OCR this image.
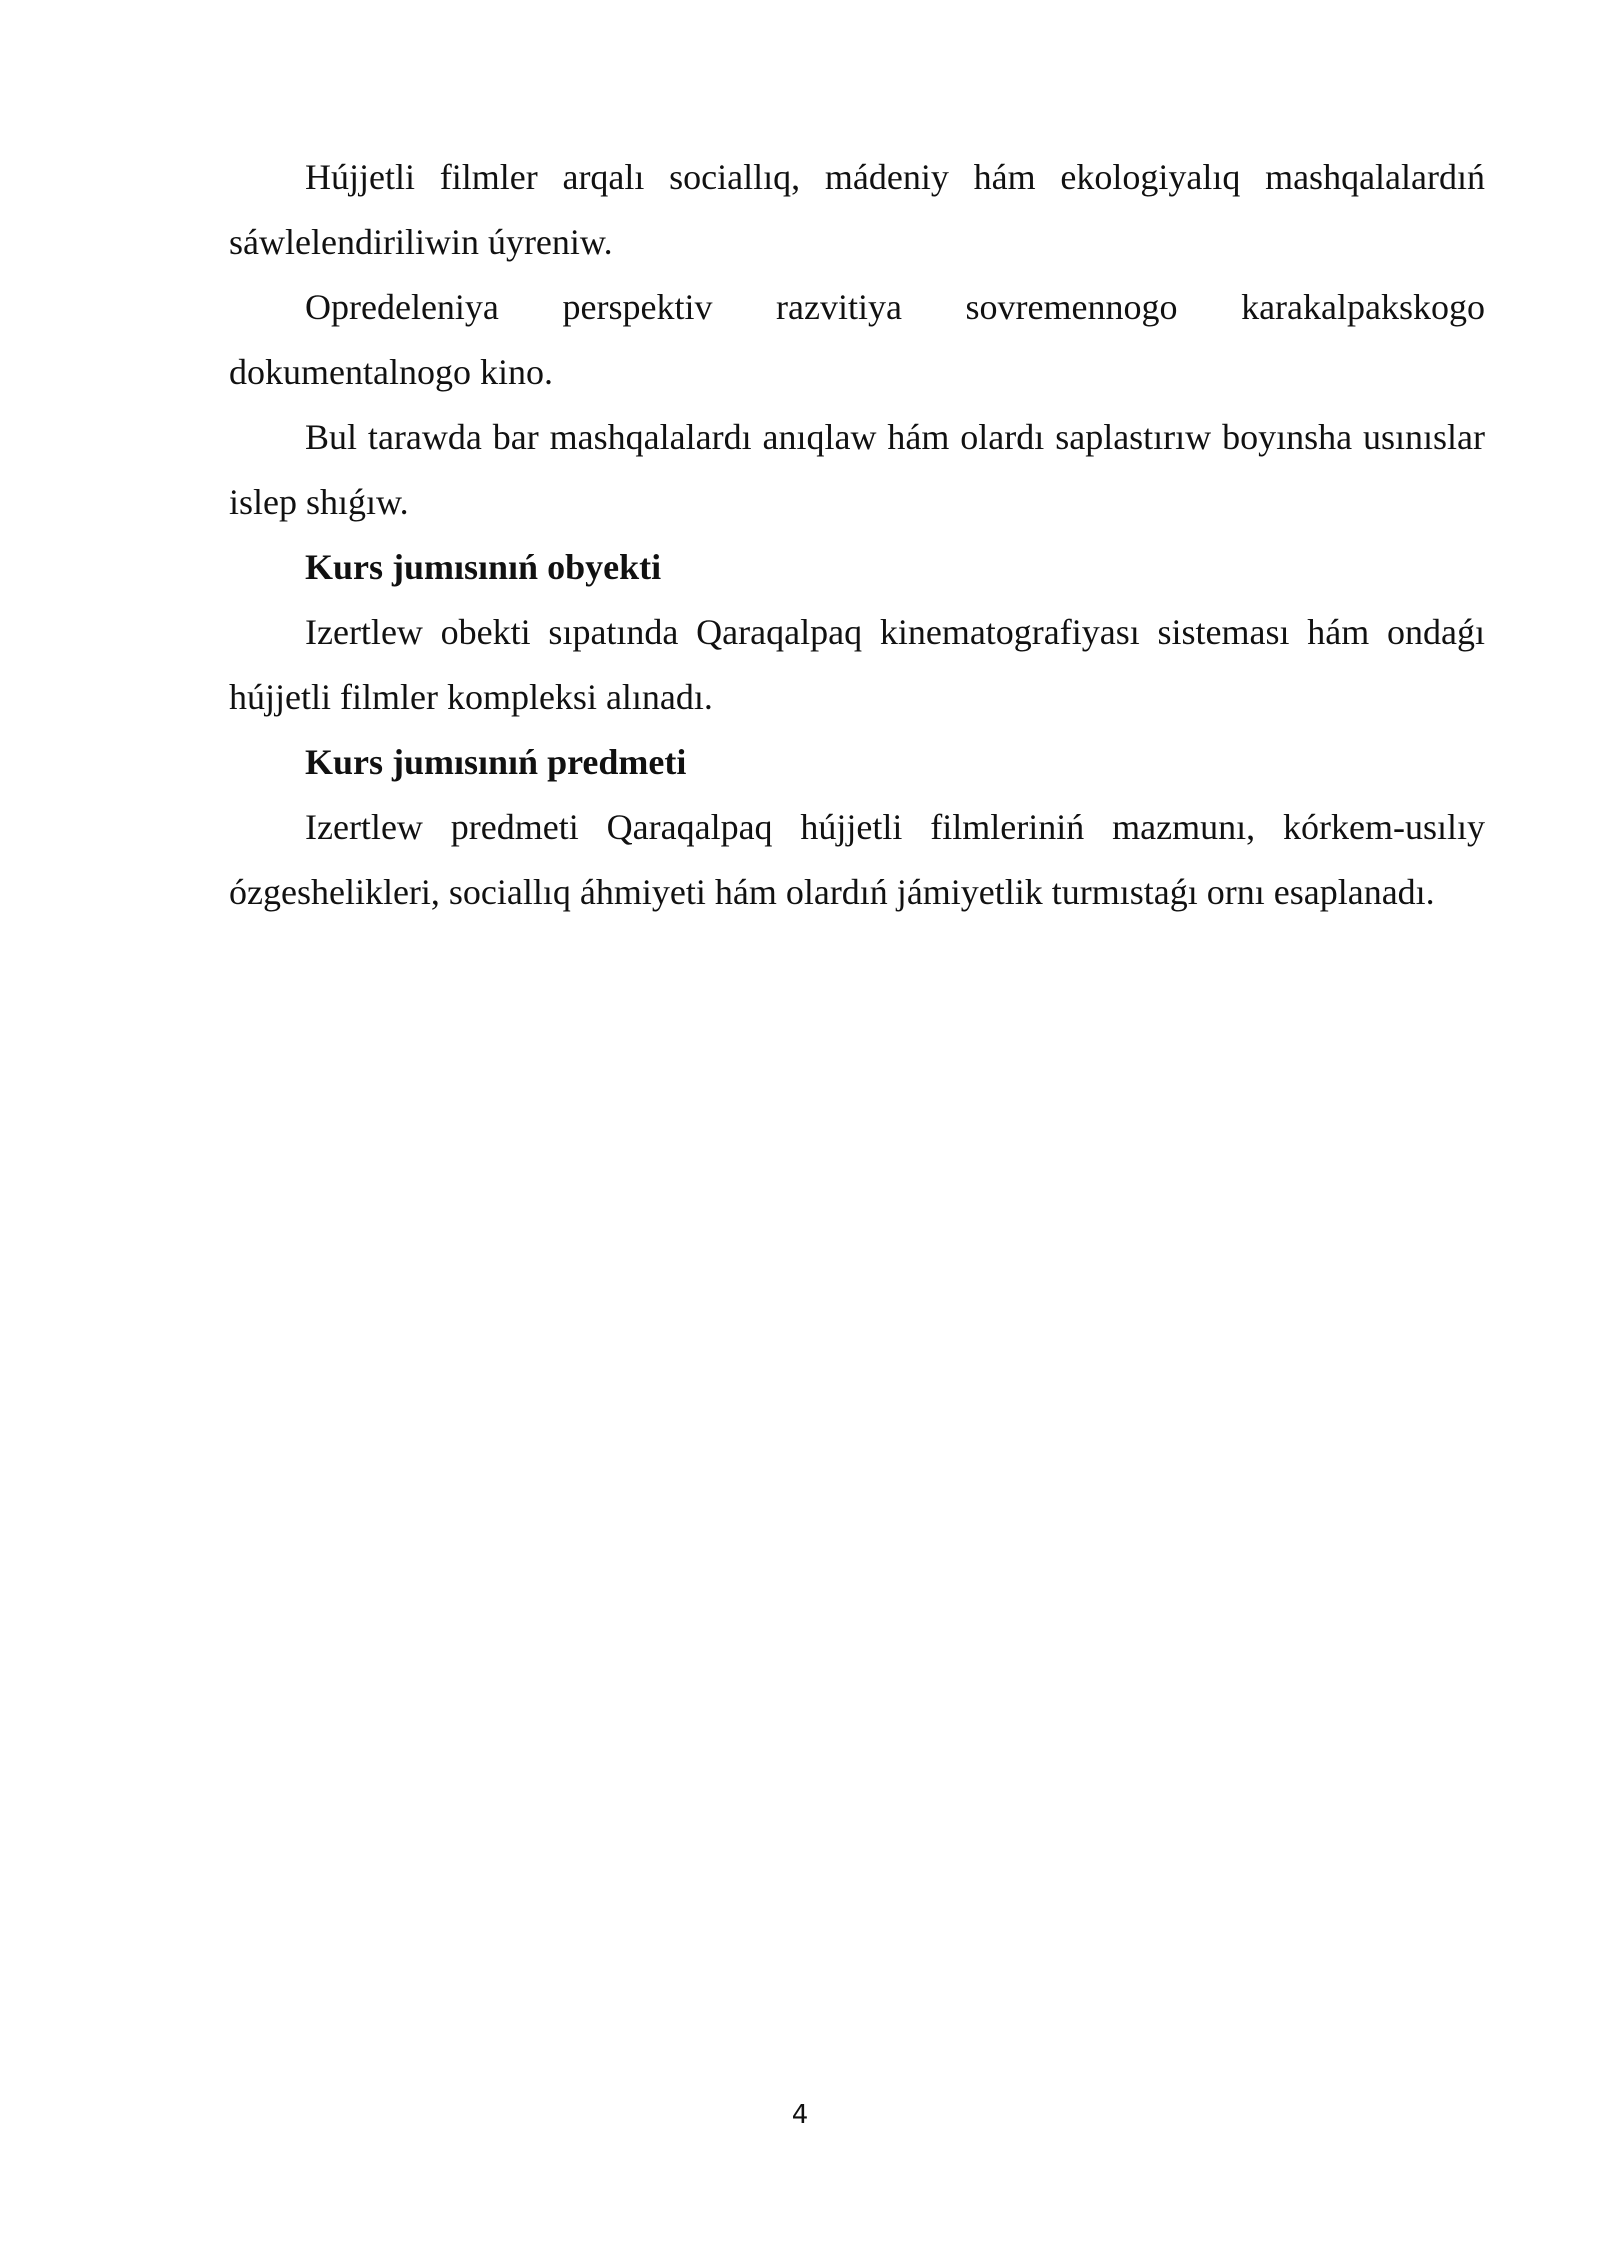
Hújjetli filmler arqalı sociallıq, mádeniy hám ekologiyalıq mashqalalardıń sáwlelendiriliwin úyreniw.

Opredeleniya perspektiv razvitiya sovremennogo karakalpakskogo dokumentalnogo kino.

Bul tarawda bar mashqalalardı anıqlaw hám olardı saplastırıw boyınsha usınıslar islep shıǵıw.

Kurs jumısınıń obyekti

Izertlew obekti sıpatında Qaraqalpaq kinematografiyası sisteması hám ondaǵı hújjetli filmler kompleksi alınadı.

Kurs jumısınıń predmeti

Izertlew predmeti Qaraqalpaq hújjetli filmleriniń mazmunı, kórkem-usılıy ózgeshelikleri, sociallıq áhmiyeti hám olardıń jámiyetlik turmıstaǵı ornı esaplanadı.

4
